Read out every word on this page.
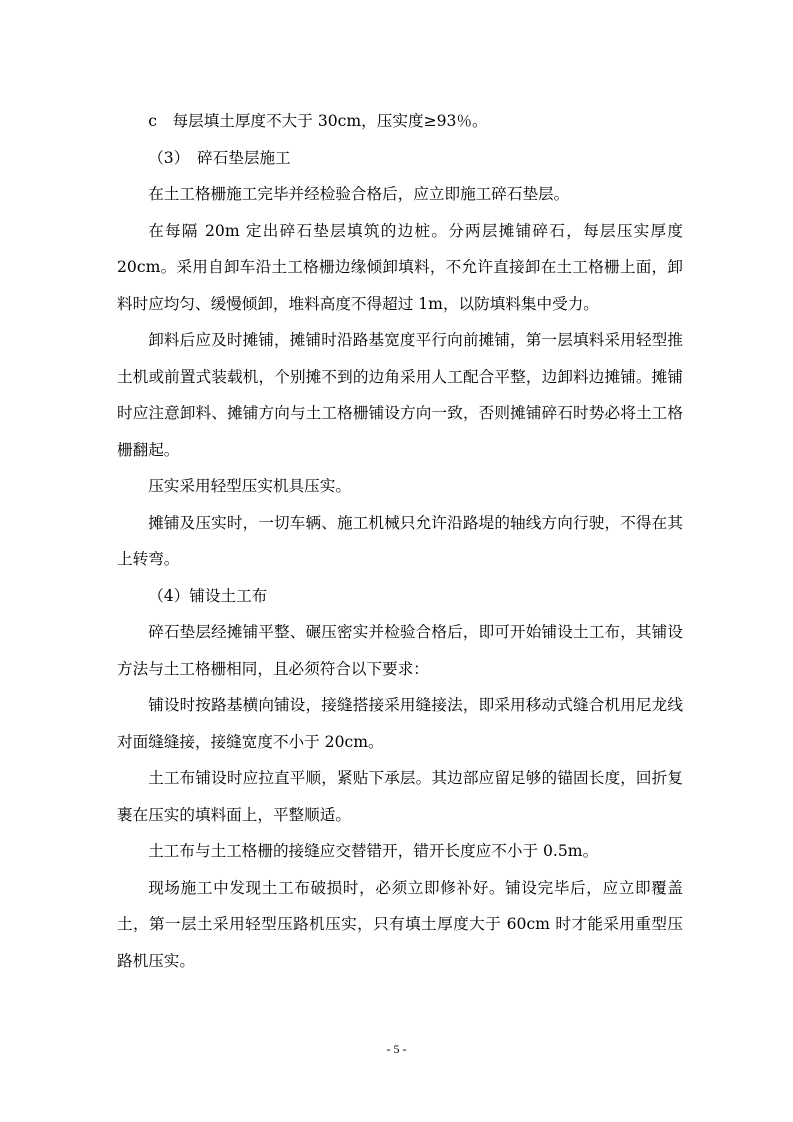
c　每层填土厚度不大于 30cm，压实度≥93％。

（3）　碎石垫层施工

在土工格栅施工完毕并经检验合格后，应立即施工碎石垫层。

在每隔 20m 定出碎石垫层填筑的边桩。分两层摊铺碎石，每层压实厚度 20cm。采用自卸车沿土工格栅边缘倾卸填料，不允许直接卸在土工格栅上面，卸料时应均匀、缓慢倾卸，堆料高度不得超过 1m，以防填料集中受力。

卸料后应及时摊铺，摊铺时沿路基宽度平行向前摊铺，第一层填料采用轻型推土机或前置式装载机，个别摊不到的边角采用人工配合平整，边卸料边摊铺。摊铺时应注意卸料、摊铺方向与土工格栅铺设方向一致，否则摊铺碎石时势必将土工格栅翻起。

压实采用轻型压实机具压实。

摊铺及压实时，一切车辆、施工机械只允许沿路堤的轴线方向行驶，不得在其上转弯。

（4）铺设土工布

碎石垫层经摊铺平整、碾压密实并检验合格后，即可开始铺设土工布，其铺设方法与土工格栅相同，且必须符合以下要求：

铺设时按路基横向铺设，接缝搭接采用缝接法，即采用移动式缝合机用尼龙线对面缝缝接，接缝宽度不小于 20cm。

土工布铺设时应拉直平顺，紧贴下承层。其边部应留足够的锚固长度，回折复裹在压实的填料面上，平整顺适。

土工布与土工格栅的接缝应交替错开，错开长度应不小于 0.5m。

现场施工中发现土工布破损时，必须立即修补好。铺设完毕后，应立即覆盖土，第一层土采用轻型压路机压实，只有填土厚度大于 60cm 时才能采用重型压路机压实。

- 5 -
